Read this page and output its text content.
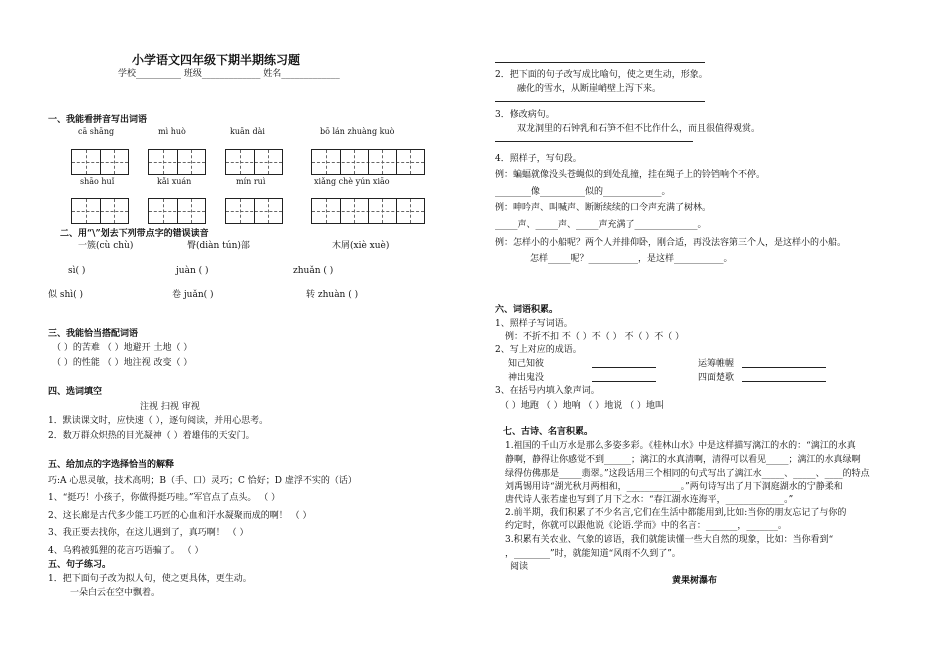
小学语文四年级下期半期练习题
学校__________ 班级_____________ 姓名_____________
一、我能看拼音写出词语
cā shāng	mì huò	kuān dài	bō lán zhuàng kuò
shāo huǐ	kǎi xuán	mín ruì	xiǎng chè yún xiāo
二、用“\”划去下列带点字的错误读音
一簇(cù chù)	臀(diàn tún)部	木屑(xiè xuè)
sì( )	juàn ( )	zhuǎn ( )
似 shì( )	卷 juǎn( )	转 zhuàn ( )
三、我能恰当搭配词语
（ ）的苦难 （ ）地避开 土地（ ）
（ ）的性能 （ ）地注视 改变（ ）
四、选词填空
注视 扫视 审视
1．默读课文时，应快速（ ），逐句阅读，并用心思考。
2．数万群众炽热的目光凝神（ ）着雄伟的天安门。
五、给加点的字选择恰当的解释
巧:A 心思灵敏，技术高明；B（手、口）灵巧；C 恰好；D 虚浮不实的（话）
1、“挺巧！小孩子，你做得挺巧哇。”军官点了点头。 （ ）
2、这长廊是古代多少能工巧匠的心血和汗水凝聚而成的啊！ （ ）
3、我正要去找你，在这儿遇到了，真巧啊！ （ ）
4、乌鸦被狐狸的花言巧语骗了。 （ ）
五、句子练习。
1．把下面句子改为拟人句，使之更具体，更生动。
一朵白云在空中飘着。
2．把下面的句子改写成比喻句，使之更生动，形象。
融化的雪水，从断崖峭壁上泻下来。
3．修改病句。
双龙洞里的石钟乳和石笋不但不比作什么，而且很值得观赏。
4．照样子，写句段。
例：蝙蝠就像没头苍蝇似的到处乱撞，挂在绳子上的铃铛响个不停。
________像__________似的_____________。
例：呻吟声、叫喊声、断断续续的口令声充满了树林。
_____声、_____声、_____声充满了______________。
例：怎样小的小船呢？两个人并排仰卧，刚合适，再没法容第三个人，是这样小的小船。
怎样_____呢？___________，是这样___________。
六、词语积累。
1、照样子写词语。
例：不折不扣 不（ ）不（ ） 不（ ）不（ ）
2、写上对应的成语。
知己知彼	运筹帷幄
神出鬼没	四面楚歌
3、在括号内填入象声词。
（ ）地跑 （ ）地响 （ ）地说 （ ）地叫
七、古诗、名言积累。
1.祖国的千山万水是那么多姿多彩。《桂林山水》中是这样描写漓江的水的：“漓江的水真
静啊，静得让你感觉不到______；漓江的水真清啊，清得可以看见_____；漓江的水真绿啊
绿得仿佛那是_____翡翠。”这段话用三个相同的句式写出了漓江水_____、_____、____的特点
刘禹锡用诗“湖光秋月两相和，____________。”两句诗写出了月下洞庭湖水的宁静柔和
唐代诗人张若虚也写到了月下之水：“春江湖水连海平，_____________。”
2.前半期，我们积累了不少名言,它们在生活中都能用到,比如:当你的朋友忘记了与你的
约定时，你就可以跟他说《论语.学而》中的名言：_______，_______。
3.积累有关农业、气象的谚语，我们就能读懂一些大自然的现象，比如：当你看到“
，________”时，就能知道“风雨不久到了”。
阅读
黄果树瀑布
